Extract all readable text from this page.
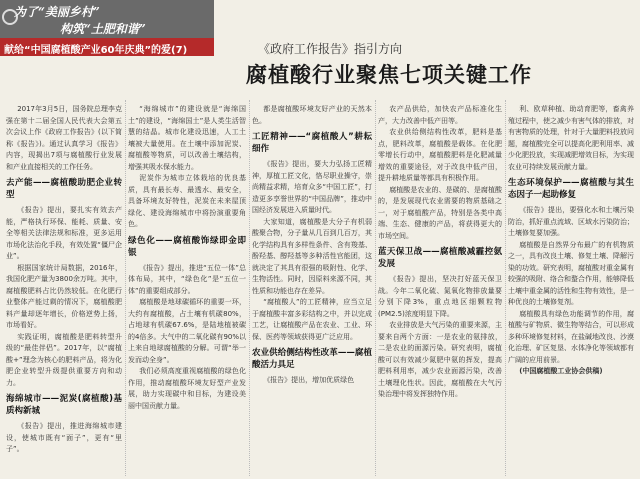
为了“美丽乡村”
构筑“土肥和谐”
献给“中国腐植酸产业60年庆典”的爱(7)	《政府工作报告》指引方向
腐植酸行业聚焦七项关键工作

2017年3月5日，国务院总理李克强在第十二届全国人民代表大会第五次会议上作《政府工作报告》(以下简称《报告》)。通过认真学习《报告》内容，现揭出7项与腐植酸行业发展和产业直接相关的工作任务。

去产能——腐植酸助肥企业转型

《报告》提出，要扎实有效去产能，严格执行环保、能耗、质量、安全等相关法律法规和标准，更多运用市场化法治化手段，有效处置“僵尸企业”。

根据国家统计局数据，2016年，我国化肥产量为3800余万吨。其中，腐植酸肥料占比仍然较低。在化肥行业整体产能过剩的情况下，腐植酸肥料产量却逐年增长，价格逆势上扬，市场看好。

实践证明，腐植酸是肥料转型升级的“最佳伴侣”。2017年，以“腐植酸+”理念为核心的肥料产品，将为化肥企业转型升级提供重要方向和动力。

海绵城市——泥炭(腐植酸)基质构新城

《报告》提出，推进海绵城市建设，使城市既有“面子”，更有“里子”。

“海绵城市”的建设就是“海绵国土”的建设，“海绵国土”是人类生活智慧的结晶。城市化建设迅速，人工土壤被大量使用。在土壤中添加泥炭、腐植酸等物质，可以改善土壤结构，增强其吸水保水能力。

泥炭作为城市立体栽培的优良基质，具有最长寿、最透水、最安全，具备环境友好特性，泥炭在未来屋顶绿化、建设海绵城市中将扮演重要角色。

绿色化——腐植酸饰绿即金即银

《报告》提出，推进“五位一体”总体布局，其中，“绿色化”是“五位一体”的重要组成部分。

腐植酸是地球碳循环的重要一环，大约有腐植酸，占土壤有机碳80%，占地球有机碳67.6%，是陆地植被碳的4倍多。大气中的二氧化碳有90%以上来自地球腐植酸的分解。可谓“举一发而动全身”。

我们必须高度重视腐植酸的绿色化作用，推动腐植酸环境友好型产业发展，助力实现碳中和目标，为建设美丽中国贡献力量。

都是腐植酸环境友好产业的天然本色。

工匠精神——“腐植酸人”耕耘细作

《报告》提出，要大力弘扬工匠精神，厚植工匠文化，恪尽职业操守，崇尚精益求精，培育众多“中国工匠”，打造更多享誉世界的“中国品牌”，推动中国经济发展进入质量时代。

大家知道，腐植酸是大分子有机弱酸聚合物，分子量从几百到几百万，其化学结构具有多样性条件、含有羧基、酚羟基、醇羟基等多种活性官能团，这就决定了其具有很强的吸附性、化学、生物活性。同时，因原料来源不同，其性质和功能也存在差异。

“腐植酸人”的工匠精神，应当立足于腐植酸丰富多彩结构之中，并以完成工艺，让腐植酸产品在农业、工业、环保、医药等领域获得更广泛应用。

农业供给侧结构性改革——腐植酸活力具足

《报告》提出，增加优质绿色

农产品供给，加快农产品标准化生产，大力改善中低产田等。

农业供给侧结构性改革，肥料是基点，肥料改革，腐植酸是载体。在化肥零增长行动中，腐植酸肥料是化肥减量增效的重要途径，对于改良中低产田，提升耕地质量等都具有积极作用。

腐植酸是农业的、是碳的、是腐植酸的，是发展现代农业需要的物质基础之一，对于腐植酸产品，特别是各类中高端、生态、健康的产品，将获得更大的市场空间。

蓝天保卫战——腐植酸减霾控氨发展

《报告》提出，坚决打好蓝天保卫战。今年二氧化硫、氮氧化物排放量要分别下降3%，重点地区细颗粒物(PM2.5)浓度明显下降。

农业排放是大气污染的重要来源，主要来自两个方面：一是农业的氨排放，二是农业的面源污染。研究表明，腐植酸可以有效减少氮肥中氨的挥发，提高肥料利用率，减少农业面源污染，改善土壤理化性状。因此，腐植酸在大气污染治理中将发挥独特作用。

利、欧草种植、助动育肥等，畜禽养殖过程中，使之减少有害气体的排放，对有害物质的处理，针对于大量肥料投放问题，腐植酸完全可以提高化肥利用率、减少化肥投放，实现减肥增效目标，为实现农业可持续发展贡献力量。

生态环境保护——腐植酸与其生态因子一起助修复

《报告》提出，要强化水和土壤污染防治，抓好重点流域、区域水污染防治；土壤修复要加强。

腐植酸是自然界分布最广的有机物质之一，具有改良土壤、修复土壤、降解污染的功效。研究表明，腐植酸对重金属有较强的吸附、络合和螯合作用，能够降低土壤中重金属的活性和生物有效性，是一种优良的土壤修复剂。

腐植酸具有绿色功能调节的作用，腐植酸与矿物质、微生物等结合，可以形成多种环境修复材料，在盐碱地改良、沙漠化治理、矿区复垦、水体净化等领域都有广阔的应用前景。

(中国腐植酸工业协会供稿)
